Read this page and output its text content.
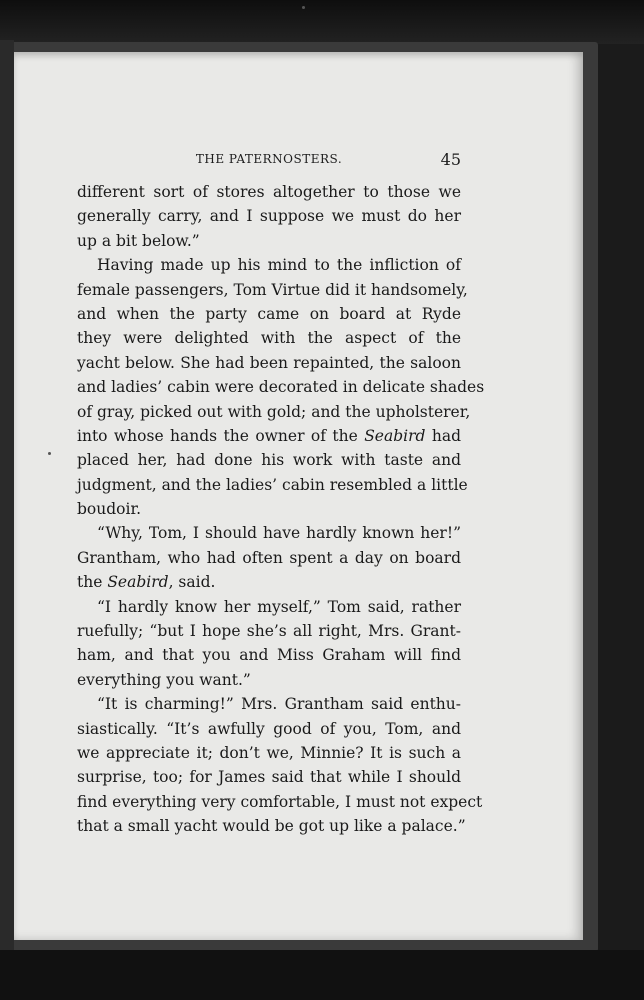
THE PATERNOSTERS.	45
different sort of stores altogether to those we
generally carry, and I suppose we must do her
up a bit below.”
Having made up his mind to the infliction of
female passengers, Tom Virtue did it handsomely,
and when the party came on board at Ryde
they were delighted with the aspect of the
yacht below. She had been repainted, the saloon
and ladies’ cabin were decorated in delicate shades
of gray, picked out with gold; and the upholsterer,
into whose hands the owner of the Seabird had
placed her, had done his work with taste and
judgment, and the ladies’ cabin resembled a little
boudoir.
“Why, Tom, I should have hardly known her!”
Grantham, who had often spent a day on board
the Seabird, said.
“I hardly know her myself,” Tom said, rather
ruefully; “but I hope she’s all right, Mrs. Grant-
ham, and that you and Miss Graham will find
everything you want.”
“It is charming!” Mrs. Grantham said enthu-
siastically. “It’s awfully good of you, Tom, and
we appreciate it; don’t we, Minnie? It is such a
surprise, too; for James said that while I should
find everything very comfortable, I must not expect
that a small yacht would be got up like a palace.”
